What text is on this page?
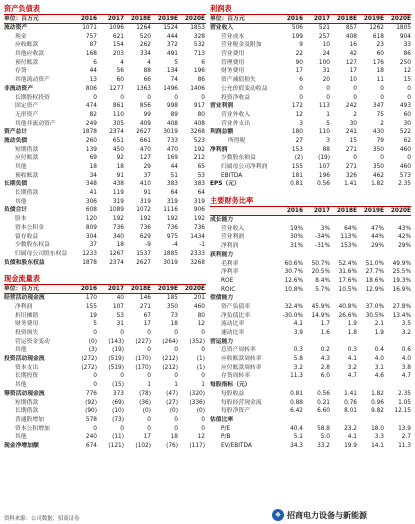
资产负债表
单位：百万元	2016	2017	2018E	2019E	2020E
流动资产	1071	1096	1264	1524	1853
现金	757	621	520	444	328
应收账款	87	154	262	372	532
其他应收款	168	203	334	491	713
预付账款	6	4	4	5	6
存货	44	56	88	134	196
其他流动资产	13	60	66	74	86
非流动资产	806	1277	1363	1496	1406
长期股权投资	0	0	0	0	0
固定资产	474	861	856	998	917
无形资产	82	110	99	89	80
其他非流动资产	249	305	409	408	408
资产总计	1878	2374	2627	3019	3268
流动负债	260	651	661	733	523
短期借款	139	450	470	470	192
应付账款	69	92	127	169	212
其他	18	18	29	44	65
预收账款	34	91	37	51	53
长期负债	348	438	410	383	383
长期借款	41	119	91	64	64
其他	306	319	319	319	319
负债合计	608	1089	1072	1116	906
股本	120	192	192	192	192
资本公积金	809	736	736	736	736
留存收益	304	340	629	975	1434
少数股东权益	37	18	-9	-4	-1
归属母公司股东权益	1233	1267	1537	1885	2333
负债和股东权益	1878	2374	2627	3019	3268
现金流量表
单位：百万元	2016	2017	2018E	2019E	2020E
经营活动现金流	170	40	146	185	201
净利润	155	107	271	350	460
折旧摊销	19	53	67	73	80
财务费用	5	31	17	18	12
投资损失	0	0	0	0	0
营运资金变动	(0)	(143)	(227)	(264)	(352)
其他	(3)	(19)	0	0	0
投资活动现金流	(272)	(519)	(170)	(212)	(1)
资本支出	(272)	(519)	(170)	(212)	(1)
长期投资	0	0	0	0	0
其他	0	(15)	1	1	1
筹资活动现金流	776	373	(78)	(47)	(320)
短期借款	(92)	(69)	(36)	(27)	(336)
长期借款	(90)	(10)	(0)	(0)	(0)
普通股增加	578	(73)	0	0	0
资本公积增加	0	0	0	0	0
其他	240	(11)	17	18	12
现金净增加额	674	(121)	(102)	(76)	(117)
利润表
单位：百万元	2016	2017	2018E	2019E	2020E
营业收入	506	521	857	1262	1805
营业成本	199	257	408	618	904
营业税金及附加	9	10	16	23	33
营业费用	22	24	42	60	86
管理费用	90	100	127	176	250
财务费用	17	31	17	18	12
资产减值损失	6	20	10	11	15
公允价值变动收益	0	0	0	0	0
投资净收益	0	0	0	0	0
营业利润	172	113	242	347	493
营业外收入	12	1	2	75	60
营业外支出	3	5	30	2	30
利润总额	180	110	241	430	522
所得税	27	3	15	79	62
净利润	153	88	271	350	460
少数股东损益	(2)	(19)	0	0	0
归属母公司净利润	155	107	271	350	460
EBITDA	181	196	326	462	573
EPS（元）	0.81	0.56	1.41	1.82	2.35
主要财务比率
2016	2017	2018E	2019E	2020E
成长能力
营业收入	19%	3%	64%	47%	43%
营业利润	30%	-34%	113%	44%	42%
净利润	31%	-31%	153%	29%	29%
获利能力
毛利率	60.6%	50.7%	52.4%	51.0%	49.9%
净利率	30.7%	20.5%	31.6%	27.7%	25.5%
ROE	12.6%	8.4%	17.6%	18.6%	19.3%
ROIC	10.8%	5.7%	10.5%	12.9%	16.9%
偿债能力
资产负债率	32.4%	45.9%	40.8%	37.0%	27.8%
净负债比率	-30.0%	14.9%	26.6%	30.5%	13.4%
流动比率	4.1	1.7	1.9	2.1	3.5
速动比率	3.9	1.6	1.8	1.9	3.2
营运能力
总资产周转率	0.3	0.2	0.3	0.4	0.6
应收账款周转率	5.8	4.3	4.1	4.0	4.0
应付账款周转率	3.2	2.8	3.2	3.1	3.8
存货周转率	11.3	6.0	4.7	4.6	4.7
每股指标（元）
每股收益	0.81	0.56	1.41	1.82	2.35
每股经营现金流	0.88	0.21	0.76	0.96	1.05
每股净资产	6.42	6.60	8.01	9.82	12.15
估值比率
P/E	40.4	58.8	23.2	18.0	13.9
P/B	5.1	5.0	4.1	3.3	2.7
EV/EBITDA	34.3	33.2	19.9	14.1	11.3
资料来源：公司数据，招商证券	❖ 招商电力设备与新能源
